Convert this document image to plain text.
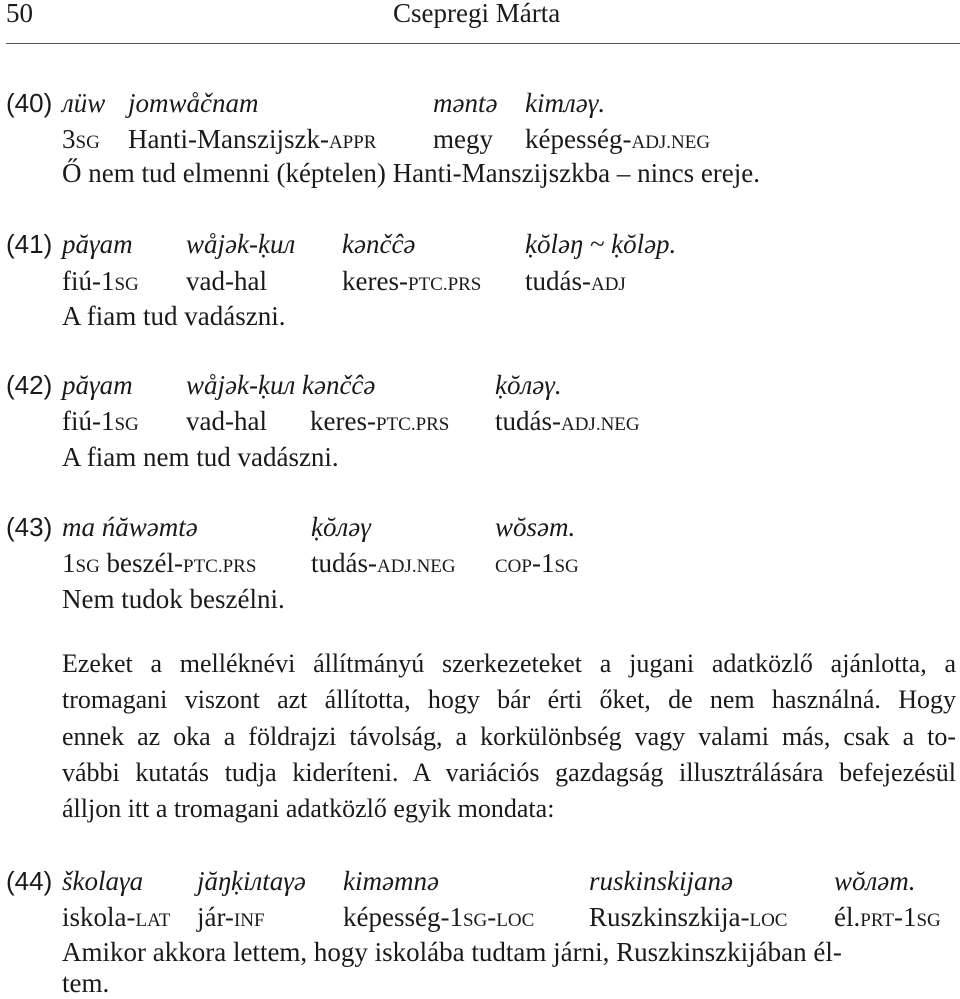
50	Csepregi Márta
(40) лӥw jomwåčnam	məntə kimлəγ.
3SG Hanti-Manszijszk-APPR megy képesség-ADJ.NEG
Ő nem tud elmenni (képtelen) Hanti-Manszijszkba – nincs ereje.
(41) păγam wåjək-ḳuл kənčĉə	ḳŏləŋ ~ ḳŏləp.
fiú-1SG vad-hal	keres-PTC.PRS tudás-ADJ
A fiam tud vadászni.
(42) păγam wåjək-ḳuл kənčĉə	ḳŏлəγ.
fiú-1SG vad-hal keres-PTC.PRS tudás-ADJ.NEG
A fiam nem tud vadászni.
(43) ma ńăwəmtə	ḳŏлəγ	wŏsəm.
1SG beszél-PTC.PRS tudás-ADJ.NEG COP-1SG
Nem tudok beszélni.
Ezeket a melléknévi állítmányú szerkezeteket a jugani adatközlő ajánlotta, a
tromagani viszont azt állította, hogy bár érti őket, de nem használná. Hogy
ennek az oka a földrajzi távolság, a korkülönbség vagy valami más, csak a to-
vábbi kutatás tudja kideríteni. A variációs gazdagság illusztrálására befejezésül
álljon itt a tromagani adatközlő egyik mondata:
(44) školaγa jăŋḳiлtaγə kiməmnə	ruskinskijanə	wŏлəm.
iskola-LAT jár-INF	képesség-1SG-LOC Ruszkinszkija-LOC él.PRT-1SG
Amikor akkora lettem, hogy iskolába tudtam járni, Ruszkinszkijában él-
tem.
